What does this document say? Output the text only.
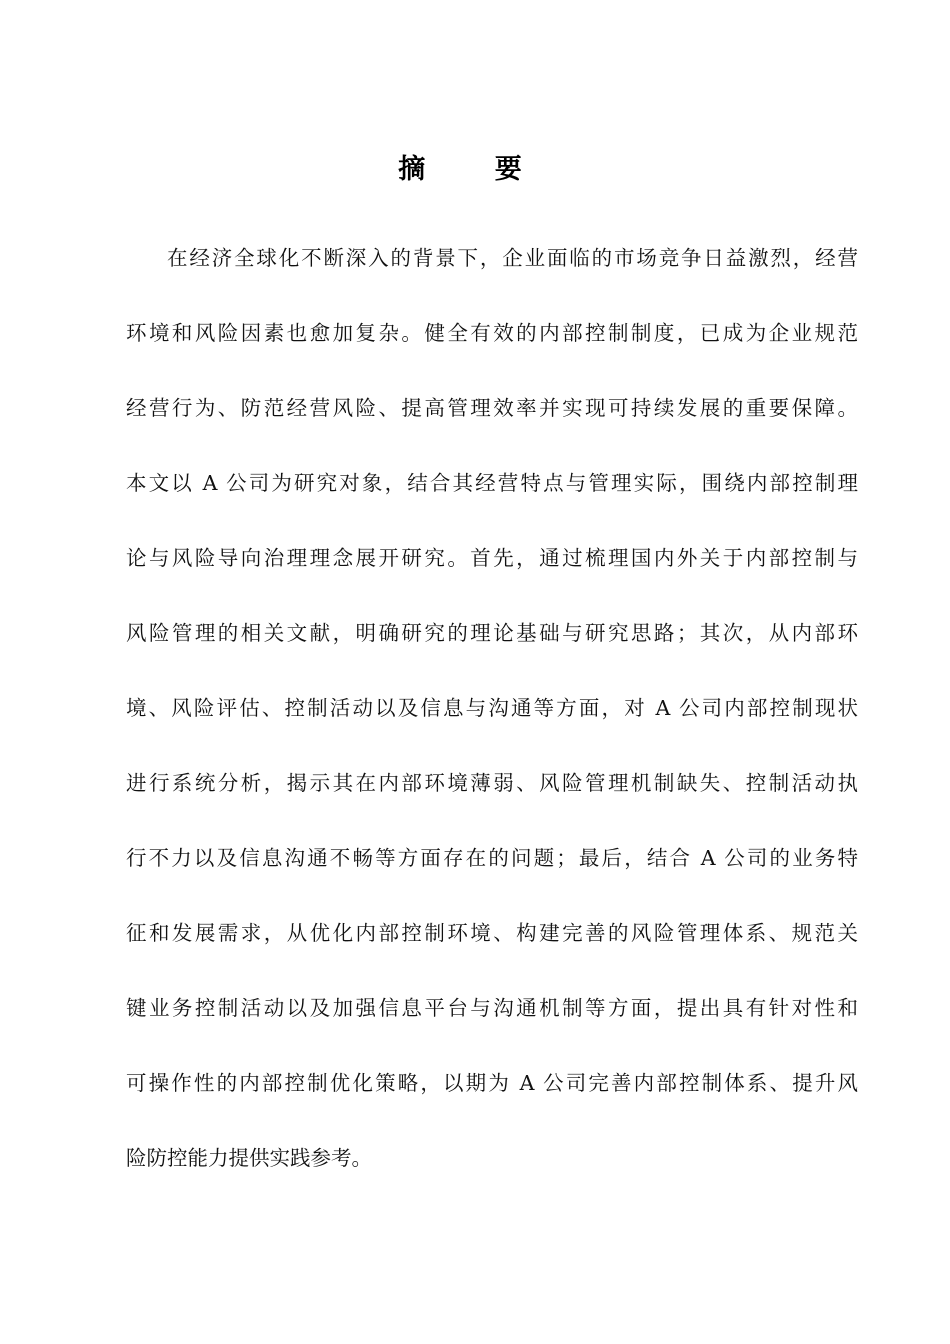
摘 要
在经济全球化不断深入的背景下，企业面临的市场竞争日益激烈，经营
环境和风险因素也愈加复杂。健全有效的内部控制制度，已成为企业规范
经营行为、防范经营风险、提高管理效率并实现可持续发展的重要保障。
本文以 A 公司为研究对象，结合其经营特点与管理实际，围绕内部控制理
论与风险导向治理理念展开研究。首先，通过梳理国内外关于内部控制与
风险管理的相关文献，明确研究的理论基础与研究思路；其次，从内部环
境、风险评估、控制活动以及信息与沟通等方面，对 A 公司内部控制现状
进行系统分析，揭示其在内部环境薄弱、风险管理机制缺失、控制活动执
行不力以及信息沟通不畅等方面存在的问题；最后，结合 A 公司的业务特
征和发展需求，从优化内部控制环境、构建完善的风险管理体系、规范关
键业务控制活动以及加强信息平台与沟通机制等方面，提出具有针对性和
可操作性的内部控制优化策略，以期为 A 公司完善内部控制体系、提升风
险防控能力提供实践参考。
